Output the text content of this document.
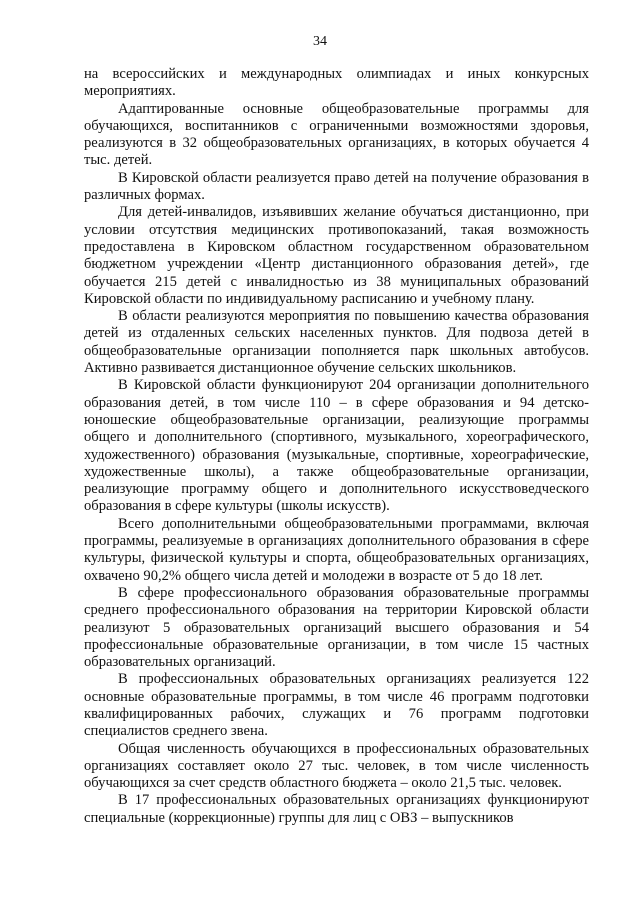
34

на всероссийских и международных олимпиадах и иных конкурсных мероприятиях.

Адаптированные основные общеобразовательные программы для обучающихся, воспитанников с ограниченными возможностями здоровья, реализуются в 32 общеобразовательных организациях, в которых обучается 4 тыс. детей.

В Кировской области реализуется право детей на получение образования в различных формах.

Для детей-инвалидов, изъявивших желание обучаться дистанционно, при условии отсутствия медицинских противопоказаний, такая возможность предоставлена в Кировском областном государственном образовательном бюджетном учреждении «Центр дистанционного образования детей», где обучается 215 детей с инвалидностью из 38 муниципальных образований Кировской области по индивидуальному расписанию и учебному плану.

В области реализуются мероприятия по повышению качества образования детей из отдаленных сельских населенных пунктов. Для подвоза детей в общеобразовательные организации пополняется парк школьных автобусов. Активно развивается дистанционное обучение сельских школьников.

В Кировской области функционируют 204 организации дополнительного образования детей, в том числе 110 – в сфере образования и 94 детско-юношеские общеобразовательные организации, реализующие программы общего и дополнительного (спортивного, музыкального, хореографического, художественного) образования (музыкальные, спортивные, хореографические, художественные школы), а также общеобразовательные организации, реализующие программу общего и дополнительного искусствоведческого образования в сфере культуры (школы искусств).

Всего дополнительными общеобразовательными программами, включая программы, реализуемые в организациях дополнительного образования в сфере культуры, физической культуры и спорта, общеобразовательных организациях, охвачено 90,2% общего числа детей и молодежи в возрасте от 5 до 18 лет.

В сфере профессионального образования образовательные программы среднего профессионального образования на территории Кировской области реализуют 5 образовательных организаций высшего образования и 54 профессиональные образовательные организации, в том числе 15 частных образовательных организаций.

В профессиональных образовательных организациях реализуется 122 основные образовательные программы, в том числе 46 программ подготовки квалифицированных рабочих, служащих и 76 программ подготовки специалистов среднего звена.

Общая численность обучающихся в профессиональных образовательных организациях составляет около 27 тыс. человек, в том числе численность обучающихся за счет средств областного бюджета – около 21,5 тыс. человек.

В 17 профессиональных образовательных организациях функционируют специальные (коррекционные) группы для лиц с ОВЗ – выпускников
